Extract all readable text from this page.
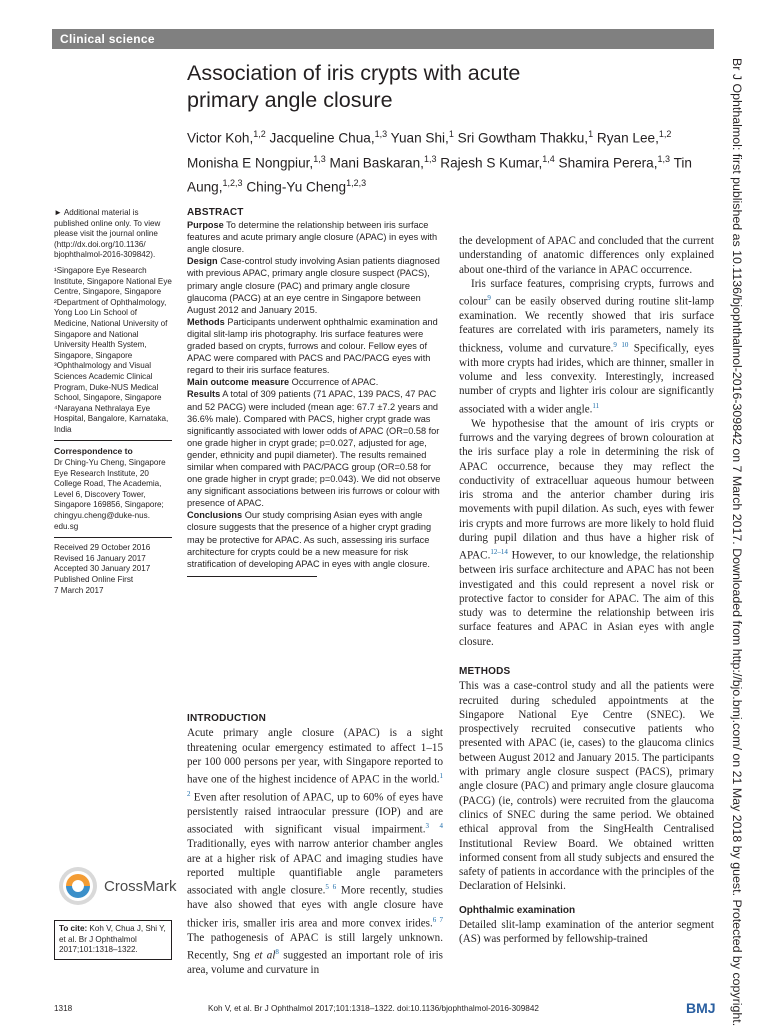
Clinical science
Association of iris crypts with acute
primary angle closure
Victor Koh,$^{1,2}$ Jacqueline Chua,$^{1,3}$ Yuan Shi,$^1$ Sri Gowtham Thakku,$^1$ Ryan Lee,$^{1,2}$ Monisha E Nongpiur,$^{1,3}$ Mani Baskaran,$^{1,3}$ Rajesh S Kumar,$^{1,4}$ Shamira Perera,$^{1,3}$ Tin Aung,$^{1,2,3}$ Ching-Yu Cheng$^{1,2,3}$

► Additional material is published online only. To view please visit the journal online (http://dx.doi.org/10.1136/ bjophthalmol-2016-309842).

¹Singapore Eye Research Institute, Singapore National Eye Centre, Singapore, Singapore

²Department of Ophthalmology, Yong Loo Lin School of Medicine, National University of Singapore and National University Health System, Singapore, Singapore

³Ophthalmology and Visual Sciences Academic Clinical Program, Duke-NUS Medical School, Singapore, Singapore

⁴Narayana Nethralaya Eye Hospital, Bangalore, Karnataka, India

Correspondence to

Dr Ching-Yu Cheng, Singapore Eye Research Institute, 20 College Road, The Academia, Level 6, Discovery Tower, Singapore 169856, Singapore; chingyu.cheng@duke-nus. edu.sg

Received 29 October 2016

Revised 16 January 2017

Accepted 30 January 2017

Published Online First

7 March 2017

CrossMark
To cite: Koh V, Chua J, Shi Y, et al. Br J Ophthalmol 2017;101:1318–1322.
ABSTRACT

Purpose To determine the relationship between iris surface features and acute primary angle closure (APAC) in eyes with angle closure.

Design Case-control study involving Asian patients diagnosed with previous APAC, primary angle closure suspect (PACS), primary angle closure (PAC) and primary angle closure glaucoma (PACG) at an eye centre in Singapore between August 2012 and January 2015.

Methods Participants underwent ophthalmic examination and digital slit-lamp iris photography. Iris surface features were graded based on crypts, furrows and colour. Fellow eyes of APAC were compared with PACS and PAC/PACG eyes with regard to their iris surface features.

Main outcome measure Occurrence of APAC.

Results A total of 309 patients (71 APAC, 139 PACS, 47 PAC and 52 PACG) were included (mean age: 67.7 ±7.2 years and 36.6% male). Compared with PACS, higher crypt grade was significantly associated with lower odds of APAC (OR=0.58 for one grade higher in crypt grade; p=0.027, adjusted for age, gender, ethnicity and pupil diameter). The results remained similar when compared with PAC/PACG group (OR=0.58 for one grade higher in crypt grade; p=0.043). We did not observe any significant associations between iris furrows or colour with presence of APAC.

Conclusions Our study comprising Asian eyes with angle closure suggests that the presence of a higher crypt grading may be protective for APAC. As such, assessing iris surface architecture for crypts could be a new measure for risk stratification of developing APAC in eyes with angle closure.

INTRODUCTION

Acute primary angle closure (APAC) is a sight threatening ocular emergency estimated to affect 1–15 per 100 000 persons per year, with Singapore reported to have one of the highest incidence of APAC in the world.$^{1 2}$ Even after resolution of APAC, up to 60% of eyes have persistently raised intraocular pressure (IOP) and are associated with significant visual impairment.$^{3 4}$ Traditionally, eyes with narrow anterior chamber angles are at a higher risk of APAC and imaging studies have reported multiple quantifiable angle parameters associated with angle closure.$^{5 6}$ More recently, studies have also showed that eyes with angle closure have thicker iris, smaller iris area and more convex irides.$^{6 7}$ The pathogenesis of APAC is still largely unknown. Recently, Sng et $al^8$ suggested an important role of iris area, volume and curvature in

the development of APAC and concluded that the current understanding of anatomic differences only explained about one-third of the variance in APAC occurrence.

Iris surface features, comprising crypts, furrows and colour$^9$ can be easily observed during routine slit-lamp examination. We recently showed that iris surface features are correlated with iris parameters, namely its thickness, volume and curvature.$^{9 10}$ Specifically, eyes with more crypts had irides, which are thinner, smaller in volume and less convexity. Interestingly, increased number of crypts and lighter iris colour are significantly associated with a wider angle.$^{11}$

We hypothesise that the amount of iris crypts or furrows and the varying degrees of brown colouration at the iris surface play a role in determining the risk of APAC occurrence, because they may reflect the conductivity of extracelluar aqueous humour between iris stroma and the anterior chamber during iris movements with pupil dilation. As such, eyes with fewer iris crypts and more furrows are more likely to hold fluid during pupil dilation and thus have a higher risk of APAC.$^{12-14}$ However, to our knowledge, the relationship between iris surface architecture and APAC has not been investigated and this could represent a novel risk or protective factor to consider for APAC. The aim of this study was to determine the relationship between iris surface features and APAC in Asian eyes with angle closure.

METHODS

This was a case-control study and all the patients were recruited during scheduled appointments at the Singapore National Eye Centre (SNEC). We prospectively recruited consecutive patients who presented with APAC (ie, cases) to the glaucoma clinics between August 2012 and January 2015. The participants with primary angle closure suspect (PACS), primary angle closure (PAC) and primary angle closure glaucoma (PACG) (ie, controls) were recruited from the glaucoma clinics of SNEC during the same period. We obtained ethical approval from the SingHealth Centralised Institutional Review Board. We obtained written informed consent from all study subjects and ensured the safety of patients in accordance with the principles of the Declaration of Helsinki.

Ophthalmic examination

Detailed slit-lamp examination of the anterior segment (AS) was performed by fellowship-trained

1318	Koh V, et al. Br J Ophthalmol 2017;101:1318–1322. doi:10.1136/bjophthalmol-2016-309842	BMJ Br J Ophthalmol: first published as 10.1136/bjophthalmol-2016-309842 on 7 March 2017. Downloaded from http://bjo.bmj.com/ on 21 May 2018 by guest. Protected by copyright.
